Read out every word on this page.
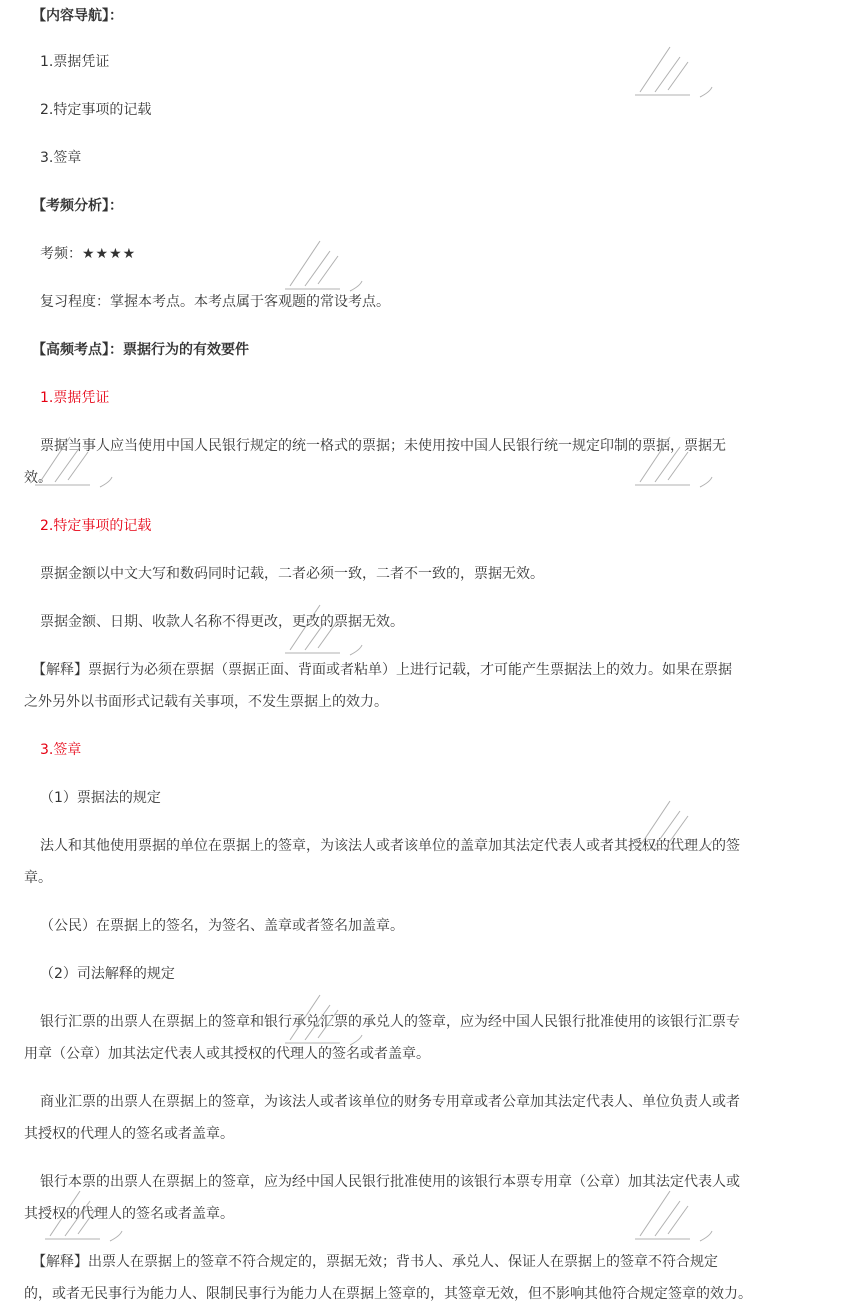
【内容导航】：
1.票据凭证
2.特定事项的记载
3.签章
【考频分析】：
考频：★★★★
复习程度：掌握本考点。本考点属于客观题的常设考点。
【高频考点】：票据行为的有效要件
1.票据凭证
票据当事人应当使用中国人民银行规定的统一格式的票据；未使用按中国人民银行统一规定印制的票据，票据无
效。
2.特定事项的记载
票据金额以中文大写和数码同时记载，二者必须一致，二者不一致的，票据无效。
票据金额、日期、收款人名称不得更改，更改的票据无效。
【解释】票据行为必须在票据（票据正面、背面或者粘单）上进行记载，才可能产生票据法上的效力。如果在票据
之外另外以书面形式记载有关事项，不发生票据上的效力。
3.签章
（1）票据法的规定
法人和其他使用票据的单位在票据上的签章，为该法人或者该单位的盖章加其法定代表人或者其授权的代理人的签
章。
（公民）在票据上的签名，为签名、盖章或者签名加盖章。
（2）司法解释的规定
银行汇票的出票人在票据上的签章和银行承兑汇票的承兑人的签章，应为经中国人民银行批准使用的该银行汇票专
用章（公章）加其法定代表人或其授权的代理人的签名或者盖章。
商业汇票的出票人在票据上的签章，为该法人或者该单位的财务专用章或者公章加其法定代表人、单位负责人或者
其授权的代理人的签名或者盖章。
银行本票的出票人在票据上的签章，应为经中国人民银行批准使用的该银行本票专用章（公章）加其法定代表人或
其授权的代理人的签名或者盖章。
【解释】出票人在票据上的签章不符合规定的，票据无效；背书人、承兑人、保证人在票据上的签章不符合规定
的，或者无民事行为能力人、限制民事行为能力人在票据上签章的，其签章无效，但不影响其他符合规定签章的效力。
